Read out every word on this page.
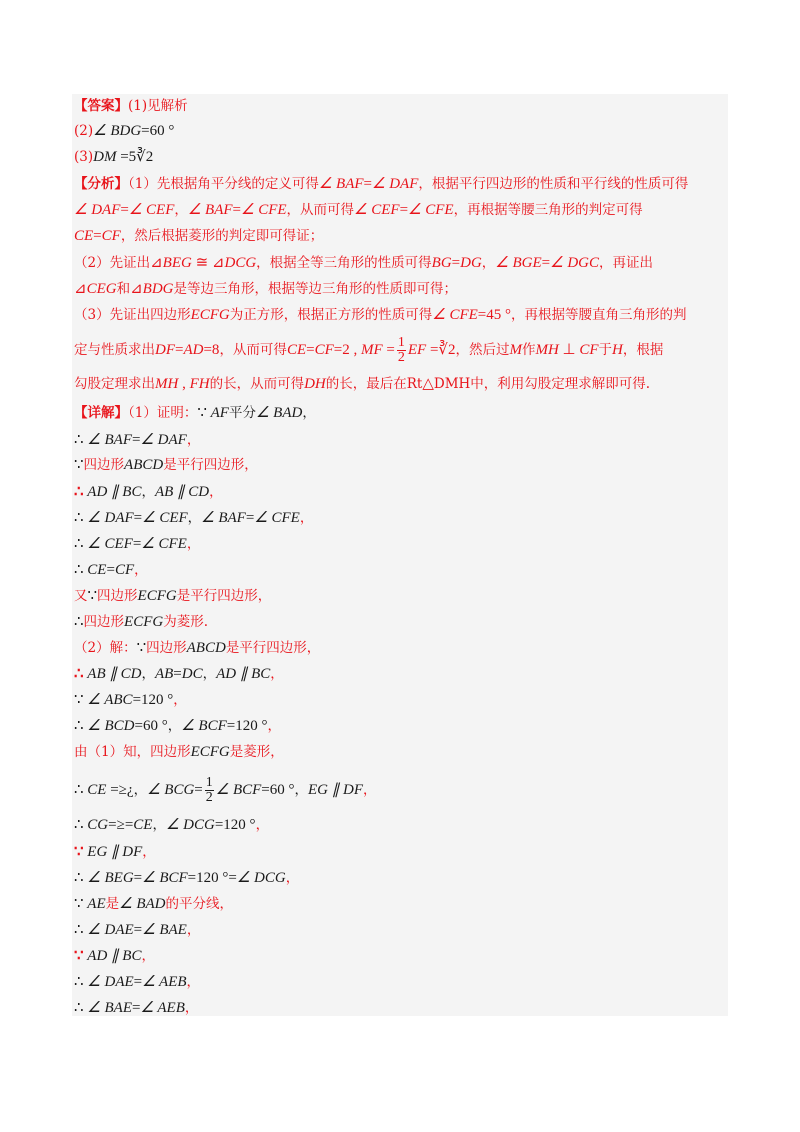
【答案】(1)见解析
(2)∠ BDG=60 °
(3)DM =5∛2
【分析】（1）先根据角平分线的定义可得∠ BAF=∠ DAF，根据平行四边形的性质和平行线的性质可得
∠ DAF=∠ CEF，∠ BAF=∠ CFE，从而可得∠ CEF=∠ CFE，再根据等腰三角形的判定可得
CE=CF，然后根据菱形的判定即可得证；
（2）先证出⊿BEG ≅ ⊿DCG，根据全等三角形的性质可得BG=DG，∠ BGE=∠ DGC，再证出
⊿CEG和⊿BDG是等边三角形，根据等边三角形的性质即可得；
（3）先证出四边形ECFG为正方形，根据正方形的性质可得∠ CFE=45 °，再根据等腰直角三角形的判
定与性质求出DF=AD=8，从而可得CE=CF=2 , MF = $\frac{1}{2}$ EF =∛2，然后过M作MH ⊥ CF于H，根据
勾股定理求出MH , FH的长，从而可得DH的长，最后在Rt△DMH中，利用勾股定理求解即可得.
【详解】（1）证明：∵ AF平分∠ BAD，
∴ ∠ BAF=∠ DAF，
∵四边形ABCD是平行四边形，
∴ AD ∥ BC，AB ∥ CD，
∴ ∠ DAF=∠ CEF，∠ BAF=∠ CFE，
∴ ∠ CEF=∠ CFE，
∴ CE=CF，
又∵四边形ECFG是平行四边形，
∴四边形ECFG为菱形.
（2）解：∵四边形ABCD是平行四边形，
∴ AB ∥ CD，AB=DC，AD ∥ BC，
∵ ∠ ABC=120 °，
∴ ∠ BCD=60 °，∠ BCF=120 °，
由（1）知，四边形ECFG是菱形，
∴ CE =≥¿，∠ $BCG= \frac{1}{2}$ ∠ BCF=60 °，EG ∥ DF，
∴ CG=≥=CE，∠ DCG=120 °，
∵ EG ∥ DF，
∴ ∠ BEG=∠ BCF=120 °=∠ DCG，
∵ AE是∠ BAD的平分线，
∴ ∠ DAE=∠ BAE，
∵ AD ∥ BC，
∴ ∠ DAE=∠ AEB，
∴ ∠ BAE=∠ AEB，
